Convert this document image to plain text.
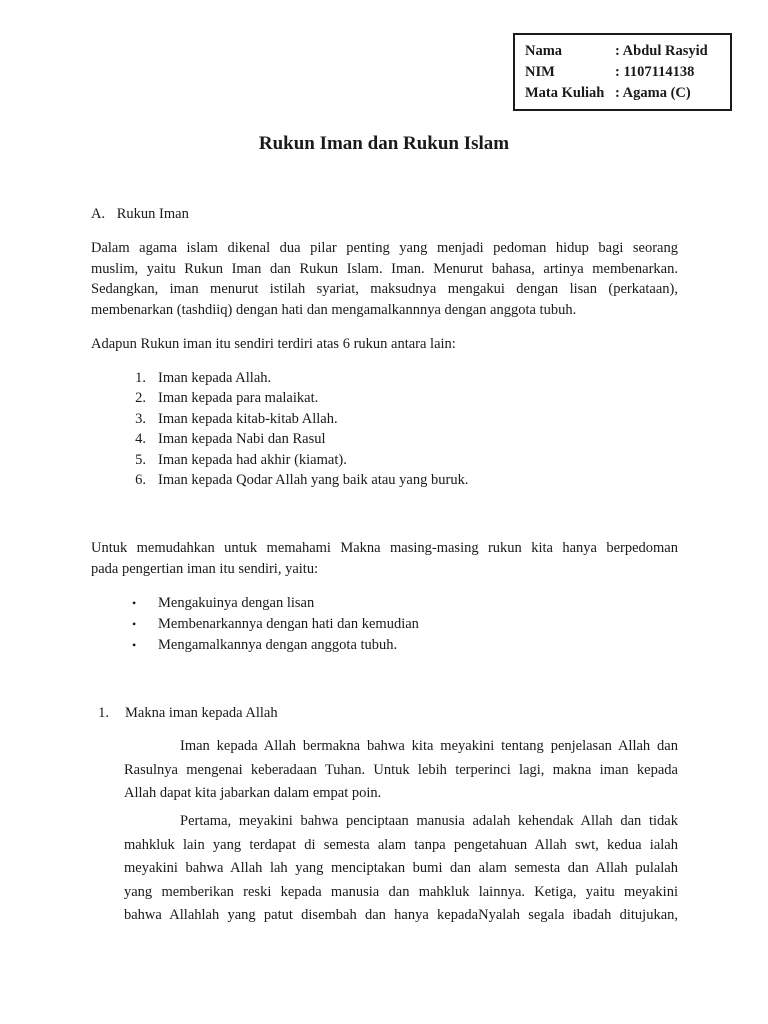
Nama	: Abdul Rasyid
NIM	: 1107114138
Mata Kuliah : Agama (C)
Rukun Iman dan Rukun Islam
A. Rukun Iman
Dalam agama islam dikenal dua pilar penting yang menjadi pedoman hidup bagi seorang
muslim, yaitu Rukun Iman dan Rukun Islam. Iman. Menurut bahasa, artinya membenarkan.
Sedangkan, iman menurut istilah syariat, maksudnya mengakui dengan lisan (perkataan),
membenarkan (tashdiiq) dengan hati dan mengamalkannnya dengan anggota tubuh.
Adapun Rukun iman itu sendiri terdiri atas 6 rukun antara lain:
1. Iman kepada Allah.
2. Iman kepada para malaikat.
3. Iman kepada kitab-kitab Allah.
4. Iman kepada Nabi dan Rasul
5. Iman kepada had akhir (kiamat).
6. Iman kepada Qodar Allah yang baik atau yang buruk.
Untuk memudahkan untuk memahami Makna masing-masing rukun kita hanya berpedoman
pada pengertian iman itu sendiri, yaitu:
• Mengakuinya dengan lisan
• Membenarkannya dengan hati dan kemudian
• Mengamalkannya dengan anggota tubuh.
1. Makna iman kepada Allah
Iman kepada Allah bermakna bahwa kita meyakini tentang penjelasan Allah dan
Rasulnya mengenai keberadaan Tuhan. Untuk lebih terperinci lagi, makna iman kepada
Allah dapat kita jabarkan dalam empat poin.
Pertama, meyakini bahwa penciptaan manusia adalah kehendak Allah dan tidak
mahkluk lain yang terdapat di semesta alam tanpa pengetahuan Allah swt, kedua ialah
meyakini bahwa Allah lah yang menciptakan bumi dan alam semesta dan Allah pulalah
yang memberikan reski kepada manusia dan mahkluk lainnya. Ketiga, yaitu meyakini
bahwa Allahlah yang patut disembah dan hanya kepadaNyalah segala ibadah ditujukan,
